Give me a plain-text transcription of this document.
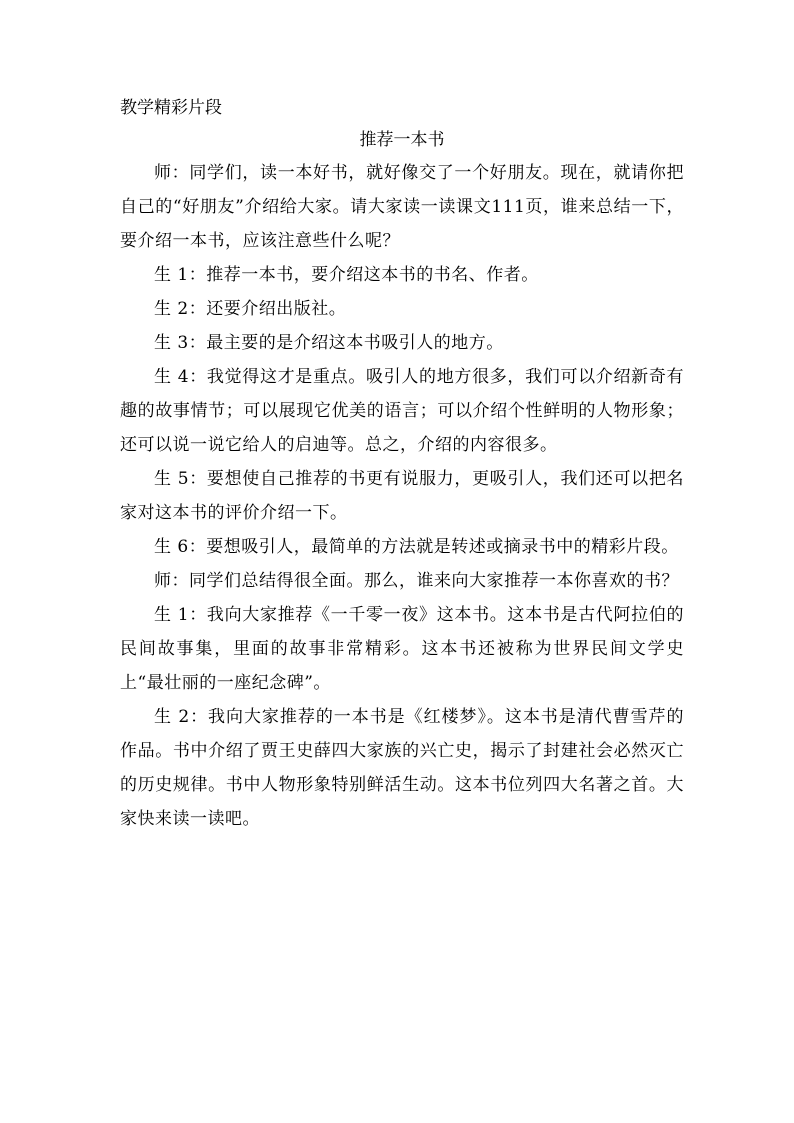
教学精彩片段

推荐一本书

师：同学们，读一本好书，就好像交了一个好朋友。现在，就请你把自己的“好朋友”介绍给大家。请大家读一读课文111页，谁来总结一下，要介绍一本书，应该注意些什么呢？

生 1：推荐一本书，要介绍这本书的书名、作者。

生 2：还要介绍出版社。

生 3：最主要的是介绍这本书吸引人的地方。

生 4：我觉得这才是重点。吸引人的地方很多，我们可以介绍新奇有趣的故事情节；可以展现它优美的语言；可以介绍个性鲜明的人物形象；还可以说一说它给人的启迪等。总之，介绍的内容很多。

生 5：要想使自己推荐的书更有说服力，更吸引人，我们还可以把名家对这本书的评价介绍一下。

生 6：要想吸引人，最简单的方法就是转述或摘录书中的精彩片段。

师：同学们总结得很全面。那么，谁来向大家推荐一本你喜欢的书？

生 1：我向大家推荐《一千零一夜》这本书。这本书是古代阿拉伯的民间故事集，里面的故事非常精彩。这本书还被称为世界民间文学史上“最壮丽的一座纪念碑”。

生 2：我向大家推荐的一本书是《红楼梦》。这本书是清代曹雪芹的作品。书中介绍了贾王史薛四大家族的兴亡史，揭示了封建社会必然灭亡的历史规律。书中人物形象特别鲜活生动。这本书位列四大名著之首。大家快来读一读吧。
